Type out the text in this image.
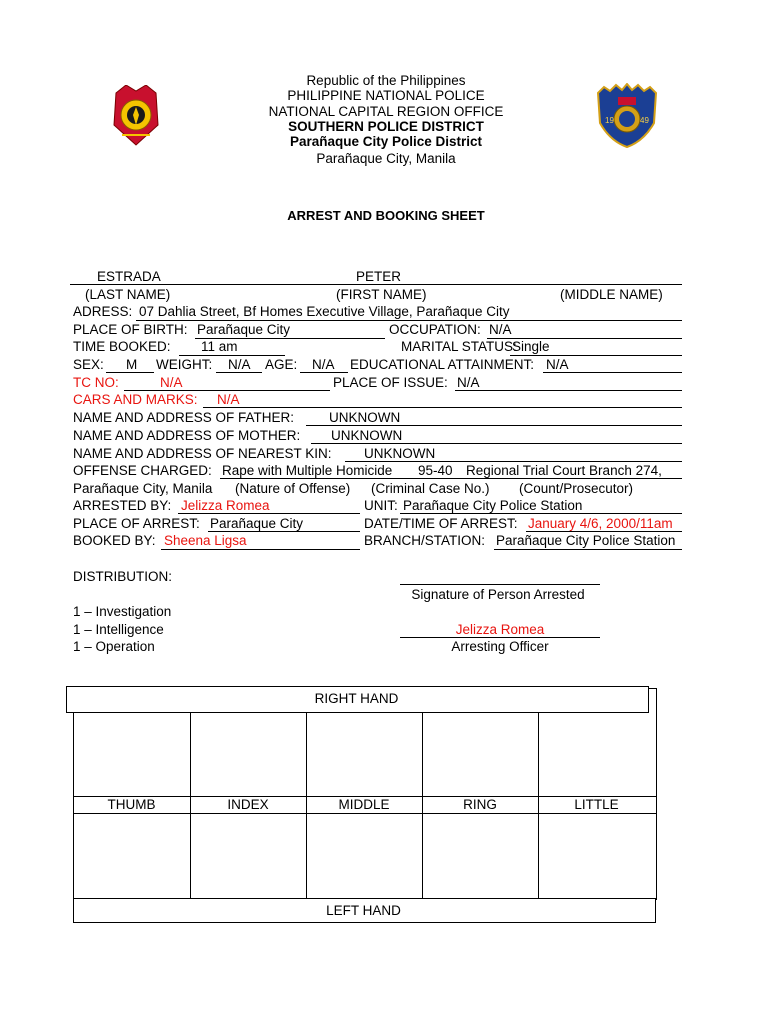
19	49
Republic of the Philippines
PHILIPPINE NATIONAL POLICE
NATIONAL CAPITAL REGION OFFICE
SOUTHERN POLICE DISTRICT
Parañaque City Police District
Parañaque City, Manila
ARREST AND BOOKING SHEET
ESTRADA	PETER
(LAST NAME)	(FIRST NAME)	(MIDDLE NAME)
ADRESS: 07 Dahlia Street, Bf Homes Executive Village, Parañaque City
PLACE OF BIRTH: Parañaque City	OCCUPATION: N/A
TIME BOOKED: 11 am	MARITAL STATUS:
Single
SEX: M WEIGHT: N/A AGE: N/A EDUCATIONAL ATTAINMENT: N/A
TC NO:	N/A	PLACE OF ISSUE: N/A
CARS AND MARKS: N/A
NAME AND ADDRESS OF FATHER:	UNKNOWN
NAME AND ADDRESS OF MOTHER: UNKNOWN
NAME AND ADDRESS OF NEAREST KIN: UNKNOWN
OFFENSE CHARGED: Rape with Multiple Homicide 95-40 Regional Trial Court Branch 274,
Parañaque City, Manila (Nature of Offense) (Criminal Case No.) (Count/Prosecutor)
ARRESTED BY: Jelizza Romea	UNIT: Parañaque City Police Station
PLACE OF ARREST: Parañaque City	DATE/TIME OF ARREST: January 4/6, 2000/11am
BOOKED BY: Sheena Ligsa	BRANCH/STATION: Parañaque City Police Station
DISTRIBUTION:
Signature of Person Arrested
1 – Investigation
1 – Intelligence	Jelizza Romea
1 – Operation	Arresting Officer
RIGHT HAND
THUMB	INDEX	MIDDLE	RING	LITTLE
LEFT HAND
